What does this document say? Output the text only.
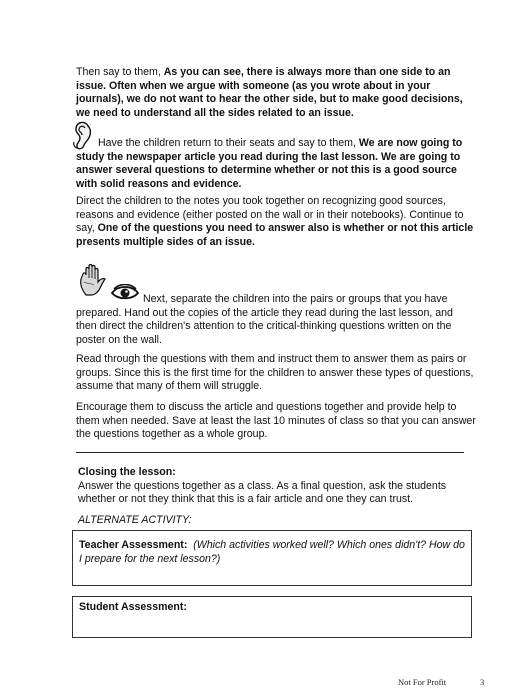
Then say to them, As you can see, there is always more than one side to an issue. Often when we argue with someone (as you wrote about in your journals), we do not want to hear the other side, but to make good decisions, we need to understand all the sides related to an issue.

Have the children return to their seats and say to them, We are now going to study the newspaper article you read during the last lesson. We are going to answer several questions to determine whether or not this is a good source with solid reasons and evidence.

Direct the children to the notes you took together on recognizing good sources, reasons and evidence (either posted on the wall or in their notebooks). Continue to say, One of the questions you need to answer also is whether or not this article presents multiple sides of an issue.

Next, separate the children into the pairs or groups that you have prepared. Hand out the copies of the article they read during the last lesson, and then direct the children's attention to the critical-thinking questions written on the poster on the wall.

Read through the questions with them and instruct them to answer them as pairs or groups. Since this is the first time for the children to answer these types of questions, assume that many of them will struggle.

Encourage them to discuss the article and questions together and provide help to them when needed. Save at least the last 10 minutes of class so that you can answer the questions together as a whole group.

Closing the lesson:
Answer the questions together as a class. As a final question, ask the students whether or not they think that this is a fair article and one they can trust.
ALTERNATE ACTIVITY:
Teacher Assessment: (Which activities worked well? Which ones didn't? How do I prepare for the next lesson?)
Student Assessment:
Not For Profit	3
